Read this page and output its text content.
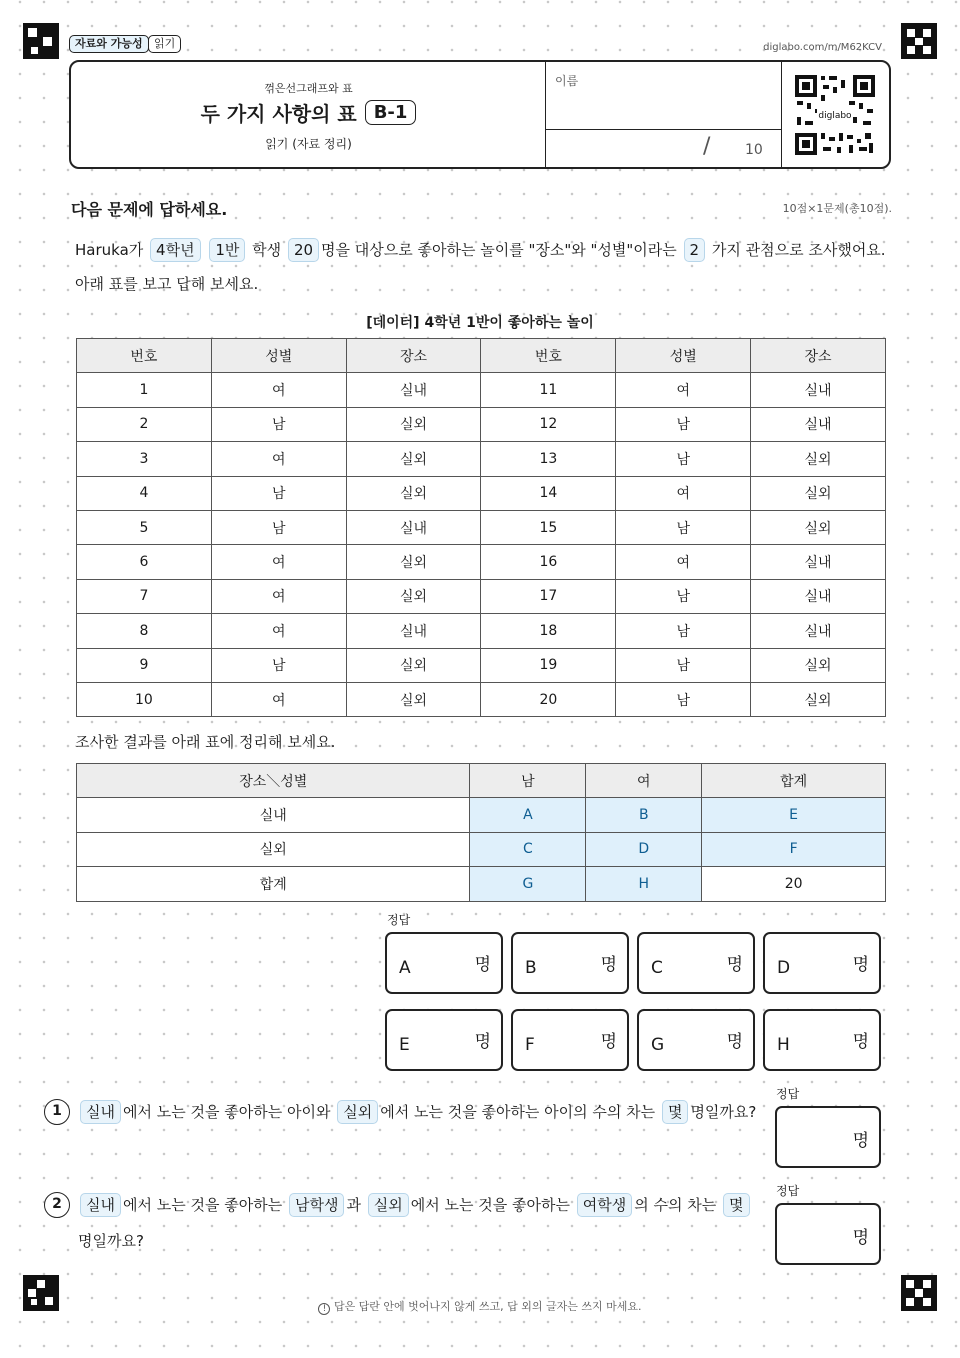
자료와 가능성	읽기	diglabo.com/m/M62KCV
꺾은선그래프와 표
두 가지 사항의 표 B-1
읽기 (자료 정리)
이름
/ 10
diglabo
다음 문제에 답하세요.	10점×1문제(총10점).
Haruka가 4학년 1반 학생 20 명을 대상으로 좋아하는 놀이를 "장소"와 "성별"이라는 2 가지 관점으로 조사했어요. 아래 표를 보고 답해 보세요.
[데이터] 4학년 1반이 좋아하는 놀이
번호	성별	장소	번호	성별	장소
1	여	실내	11	여	실내
2	남	실외	12	남	실내
3	여	실외	13	남	실외
4	남	실외	14	여	실외
5	남	실내	15	남	실외
6	여	실외	16	여	실내
7	여	실외	17	남	실내
8	여	실내	18	남	실내
9	남	실외	19	남	실외
10	여	실외	20	남	실외
조사한 결과를 아래 표에 정리해 보세요.
장소＼성별	남	여	합계
실내	A	B	E
실외	C	D	F
합계	G	H	20
정답
A	명 B	명 C	명 D	명
E	명 F	명 G	명 H	명
1	실내 에서 노는 것을 좋아하는 아이와 실외 에서 노는 것을 좋아하는 아이의 수의 차는 몇 명일까요?
정답
명
2	실내 에서 노는 것을 좋아하는 남학생 과 실외 에서 노는 것을 좋아하는 여학생 의 수의 차는 몇명일까요?
정답
명
! 답은 답란 안에 벗어나지 않게 쓰고, 답 외의 글자는 쓰지 마세요.
